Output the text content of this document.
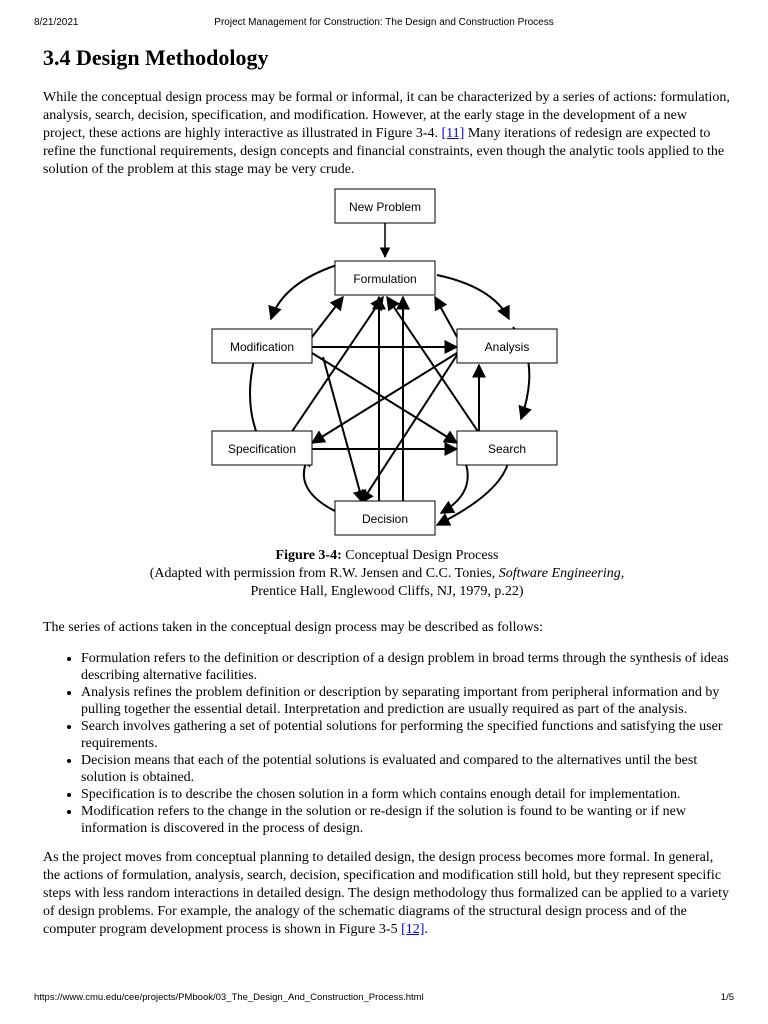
8/21/2021	Project Management for Construction: The Design and Construction Process
3.4 Design Methodology

While the conceptual design process may be formal or informal, it can be characterized by a series of actions: formulation, analysis, search, decision, specification, and modification. However, at the early stage in the development of a new project, these actions are highly interactive as illustrated in Figure 3-4. [11] Many iterations of redesign are expected to refine the functional requirements, design concepts and financial constraints, even though the analytic tools applied to the solution of the problem at this stage may be very crude.

New Problem
Formulation
Modification	Analysis
Specification	Search
Decision
Figure 3-4: Conceptual Design Process
(Adapted with permission from R.W. Jensen and C.C. Tonies, Software Engineering,
Prentice Hall, Englewood Cliffs, NJ, 1979, p.22)

The series of actions taken in the conceptual design process may be described as follows:

• Formulation refers to the definition or description of a design problem in broad terms through the synthesis of ideas describing alternative facilities.
• Analysis refines the problem definition or description by separating important from peripheral information and by pulling together the essential detail. Interpretation and prediction are usually required as part of the analysis.
• Search involves gathering a set of potential solutions for performing the specified functions and satisfying the user requirements.
• Decision means that each of the potential solutions is evaluated and compared to the alternatives until the best solution is obtained.
• Specification is to describe the chosen solution in a form which contains enough detail for implementation.
• Modification refers to the change in the solution or re-design if the solution is found to be wanting or if new information is discovered in the process of design.

As the project moves from conceptual planning to detailed design, the design process becomes more formal. In general, the actions of formulation, analysis, search, decision, specification and modification still hold, but they represent specific steps with less random interactions in detailed design. The design methodology thus formalized can be applied to a variety of design problems. For example, the analogy of the schematic diagrams of the structural design process and of the computer program development process is shown in Figure 3-5 [12].

https://www.cmu.edu/cee/projects/PMbook/03_The_Design_And_Construction_Process.html	1/5
